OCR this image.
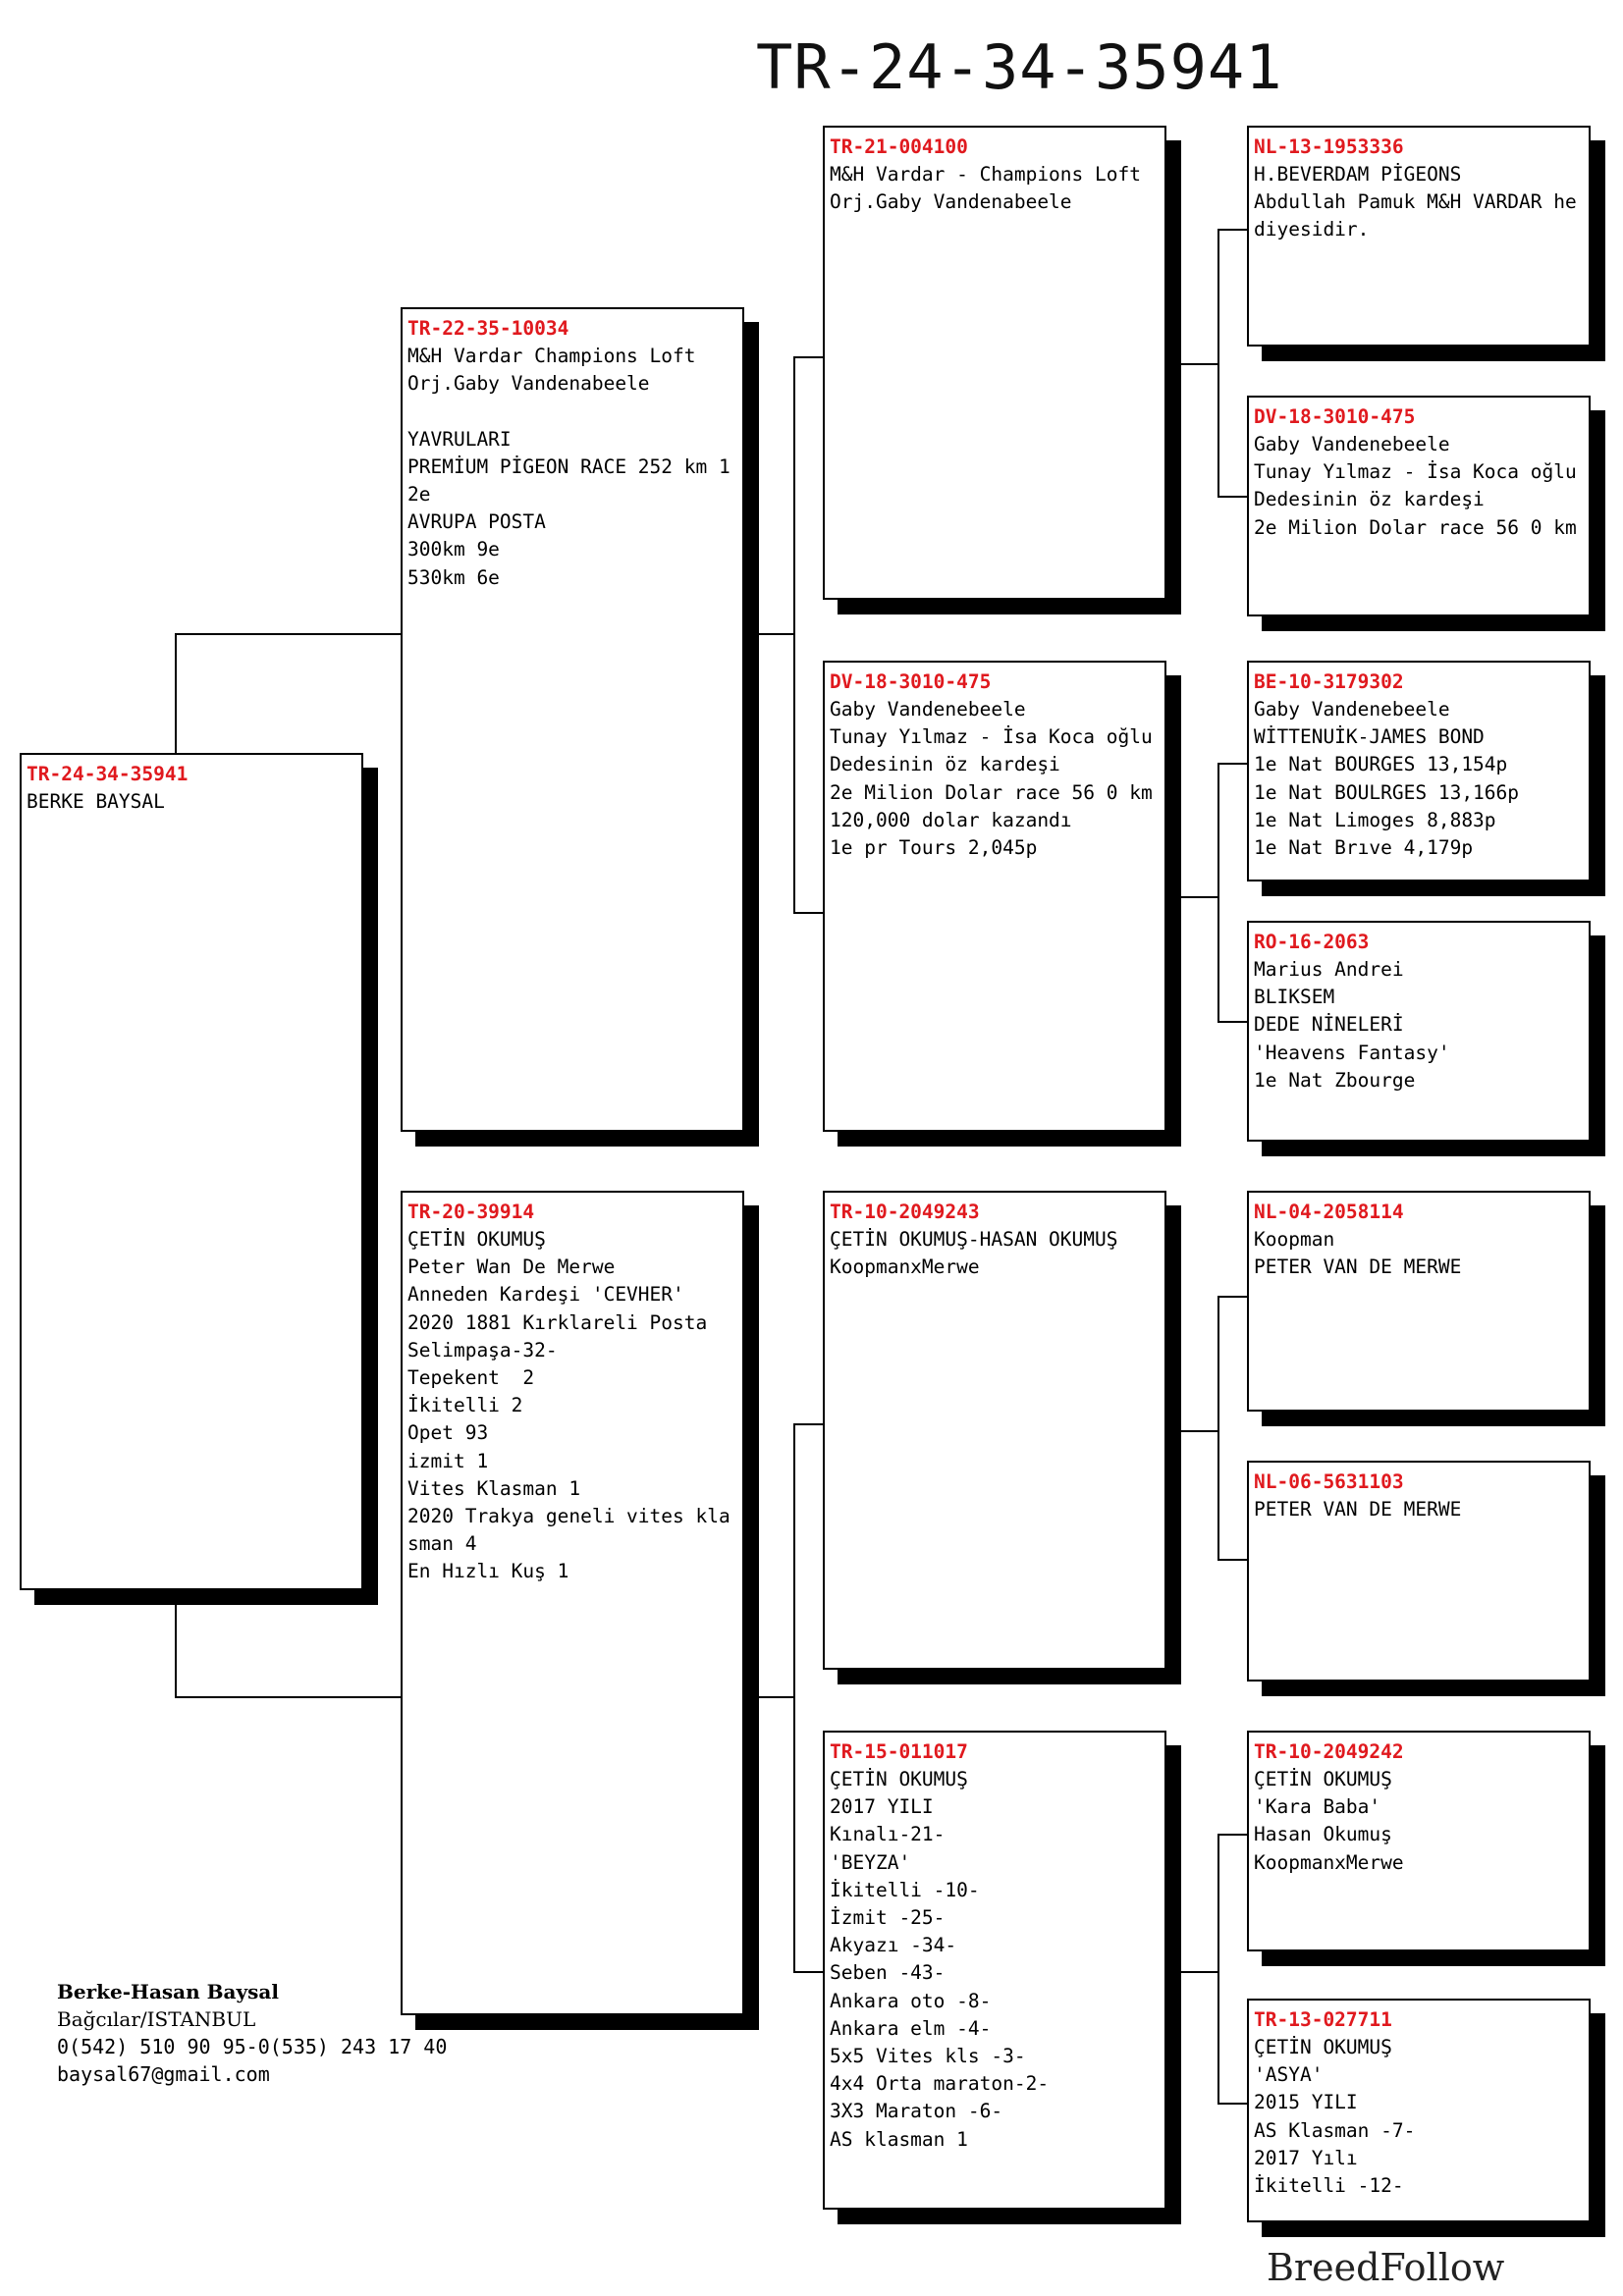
TR-24-34-35941
TR-24-34-35941
BERKE BAYSAL
TR-22-35-10034
M&H Vardar Champions Loft
Orj.Gaby Vandenabeele

YAVRULARI
PREMİUM PİGEON RACE 252 km 12e
AVRUPA POSTA
300km 9e
530km 6e
TR-20-39914
ÇETİN OKUMUŞ
Peter Wan De Merwe
Anneden Kardeşi 'CEVHER'
2020 1881 Kırklareli Posta
Selimpaşa-32-
Tepekent  2
İkitelli 2
Opet 93
izmit 1
Vites Klasman 1
2020 Trakya geneli vites klasman 4
En Hızlı Kuş 1
TR-21-004100
M&H Vardar - Champions Loft
Orj.Gaby Vandenabeele
DV-18-3010-475
Gaby Vandenebeele
Tunay Yılmaz - İsa Koca oğlu
Dedesinin öz kardeşi
2e Milion Dolar race 56 0 km
120,000 dolar kazandı
1e pr Tours 2,045p
TR-10-2049243
ÇETİN OKUMUŞ-HASAN OKUMUŞ
KoopmanxMerwe
TR-15-011017
ÇETİN OKUMUŞ
2017 YILI
Kınalı-21-
'BEYZA'
İkitelli -10-
İzmit -25-
Akyazı -34-
Seben -43-
Ankara oto -8-
Ankara elm -4-
5x5 Vites kls -3-
4x4 Orta maraton-2-
3X3 Maraton -6-
AS klasman 1
NL-13-1953336
H.BEVERDAM PİGEONS
Abdullah Pamuk M&H VARDAR hediyesidir.
DV-18-3010-475
Gaby Vandenebeele
Tunay Yılmaz - İsa Koca oğlu
Dedesinin öz kardeşi
2e Milion Dolar race 56 0 km
BE-10-3179302
Gaby Vandenebeele
WİTTENUİK-JAMES BOND
1e Nat BOURGES 13,154p
1e Nat BOULRGES 13,166p
1e Nat Limoges 8,883p
1e Nat Brıve 4,179p
RO-16-2063
Marius Andrei
BLIKSEM
DEDE NİNELERİ
'Heavens Fantasy'
1e Nat Zbourge
NL-04-2058114
Koopman
PETER VAN DE MERWE
NL-06-5631103
PETER VAN DE MERWE
TR-10-2049242
ÇETİN OKUMUŞ
'Kara Baba'
Hasan Okumuş
KoopmanxMerwe
TR-13-027711
ÇETİN OKUMUŞ
'ASYA'
2015 YILI
AS Klasman -7-
2017 Yılı
İkitelli -12-
Berke-Hasan Baysal
Bağcılar/ISTANBUL
0(542) 510 90 95-0(535) 243 17 40
baysal67@gmail.com
BreedFollow
